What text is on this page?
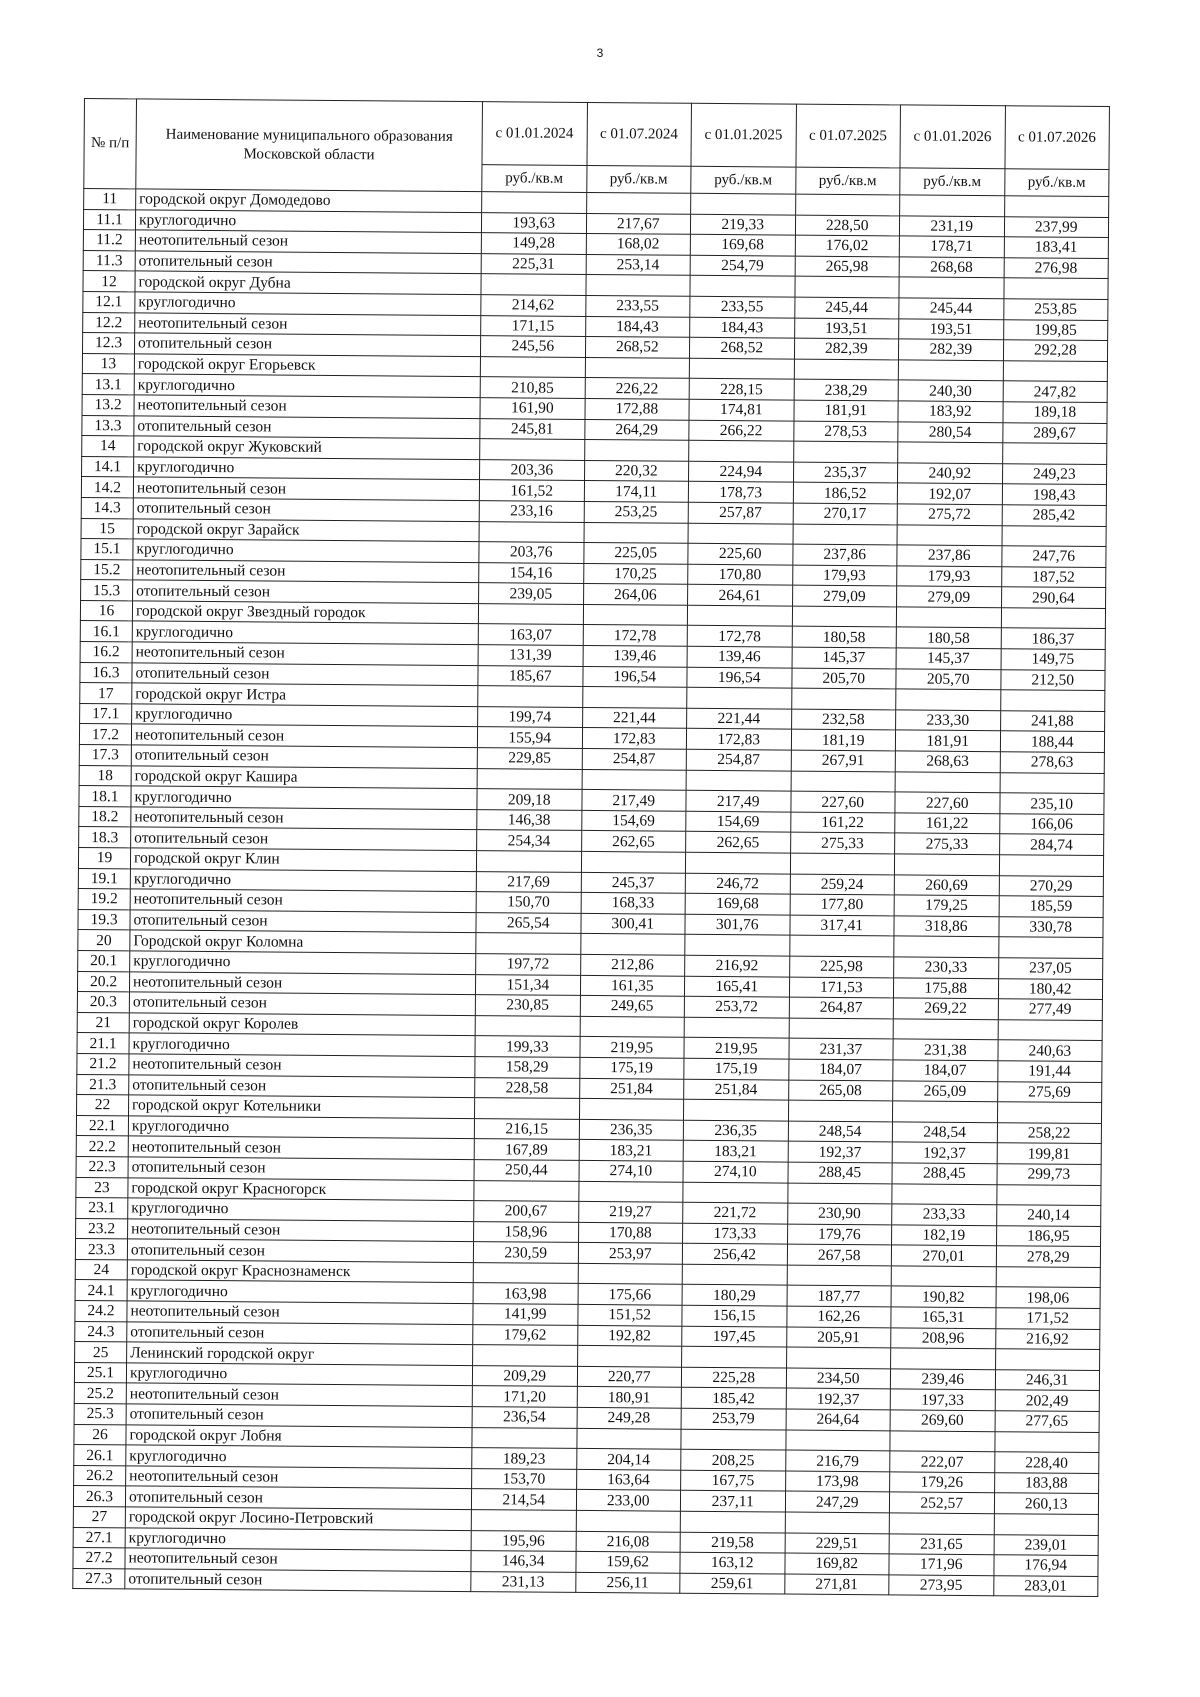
3
№ п/п	Наименование муниципального образования Московской области	с 01.01.2024	с 01.07.2024	с 01.01.2025	с 01.07.2025	с 01.01.2026	с 01.07.2026
		руб./кв.м	руб./кв.м	руб./кв.м	руб./кв.м	руб./кв.м	руб./кв.м
11	городской округ Домодедово						
11.1	круглогодично	193,63	217,67	219,33	228,50	231,19	237,99
11.2	неотопительный сезон	149,28	168,02	169,68	176,02	178,71	183,41
11.3	отопительный сезон	225,31	253,14	254,79	265,98	268,68	276,98
12	городской округ Дубна						
12.1	круглогодично	214,62	233,55	233,55	245,44	245,44	253,85
12.2	неотопительный сезон	171,15	184,43	184,43	193,51	193,51	199,85
12.3	отопительный сезон	245,56	268,52	268,52	282,39	282,39	292,28
13	городской округ Егорьевск						
13.1	круглогодично	210,85	226,22	228,15	238,29	240,30	247,82
13.2	неотопительный сезон	161,90	172,88	174,81	181,91	183,92	189,18
13.3	отопительный сезон	245,81	264,29	266,22	278,53	280,54	289,67
14	городской округ Жуковский						
14.1	круглогодично	203,36	220,32	224,94	235,37	240,92	249,23
14.2	неотопительный сезон	161,52	174,11	178,73	186,52	192,07	198,43
14.3	отопительный сезон	233,16	253,25	257,87	270,17	275,72	285,42
15	городской округ Зарайск						
15.1	круглогодично	203,76	225,05	225,60	237,86	237,86	247,76
15.2	неотопительный сезон	154,16	170,25	170,80	179,93	179,93	187,52
15.3	отопительный сезон	239,05	264,06	264,61	279,09	279,09	290,64
16	городской округ Звездный городок						
16.1	круглогодично	163,07	172,78	172,78	180,58	180,58	186,37
16.2	неотопительный сезон	131,39	139,46	139,46	145,37	145,37	149,75
16.3	отопительный сезон	185,67	196,54	196,54	205,70	205,70	212,50
17	городской округ Истра						
17.1	круглогодично	199,74	221,44	221,44	232,58	233,30	241,88
17.2	неотопительный сезон	155,94	172,83	172,83	181,19	181,91	188,44
17.3	отопительный сезон	229,85	254,87	254,87	267,91	268,63	278,63
18	городской округ Кашира						
18.1	круглогодично	209,18	217,49	217,49	227,60	227,60	235,10
18.2	неотопительный сезон	146,38	154,69	154,69	161,22	161,22	166,06
18.3	отопительный сезон	254,34	262,65	262,65	275,33	275,33	284,74
19	городской округ Клин						
19.1	круглогодично	217,69	245,37	246,72	259,24	260,69	270,29
19.2	неотопительный сезон	150,70	168,33	169,68	177,80	179,25	185,59
19.3	отопительный сезон	265,54	300,41	301,76	317,41	318,86	330,78
20	Городской округ Коломна						
20.1	круглогодично	197,72	212,86	216,92	225,98	230,33	237,05
20.2	неотопительный сезон	151,34	161,35	165,41	171,53	175,88	180,42
20.3	отопительный сезон	230,85	249,65	253,72	264,87	269,22	277,49
21	городской округ Королев						
21.1	круглогодично	199,33	219,95	219,95	231,37	231,38	240,63
21.2	неотопительный сезон	158,29	175,19	175,19	184,07	184,07	191,44
21.3	отопительный сезон	228,58	251,84	251,84	265,08	265,09	275,69
22	городской округ Котельники						
22.1	круглогодично	216,15	236,35	236,35	248,54	248,54	258,22
22.2	неотопительный сезон	167,89	183,21	183,21	192,37	192,37	199,81
22.3	отопительный сезон	250,44	274,10	274,10	288,45	288,45	299,73
23	городской округ Красногорск						
23.1	круглогодично	200,67	219,27	221,72	230,90	233,33	240,14
23.2	неотопительный сезон	158,96	170,88	173,33	179,76	182,19	186,95
23.3	отопительный сезон	230,59	253,97	256,42	267,58	270,01	278,29
24	городской округ Краснознаменск						
24.1	круглогодично	163,98	175,66	180,29	187,77	190,82	198,06
24.2	неотопительный сезон	141,99	151,52	156,15	162,26	165,31	171,52
24.3	отопительный сезон	179,62	192,82	197,45	205,91	208,96	216,92
25	Ленинский городской округ						
25.1	круглогодично	209,29	220,77	225,28	234,50	239,46	246,31
25.2	неотопительный сезон	171,20	180,91	185,42	192,37	197,33	202,49
25.3	отопительный сезон	236,54	249,28	253,79	264,64	269,60	277,65
26	городской округ Лобня						
26.1	круглогодично	189,23	204,14	208,25	216,79	222,07	228,40
26.2	неотопительный сезон	153,70	163,64	167,75	173,98	179,26	183,88
26.3	отопительный сезон	214,54	233,00	237,11	247,29	252,57	260,13
27	городской округ Лосино-Петровский						
27.1	круглогодично	195,96	216,08	219,58	229,51	231,65	239,01
27.2	неотопительный сезон	146,34	159,62	163,12	169,82	171,96	176,94
27.3	отопительный сезон	231,13	256,11	259,61	271,81	273,95	283,01
